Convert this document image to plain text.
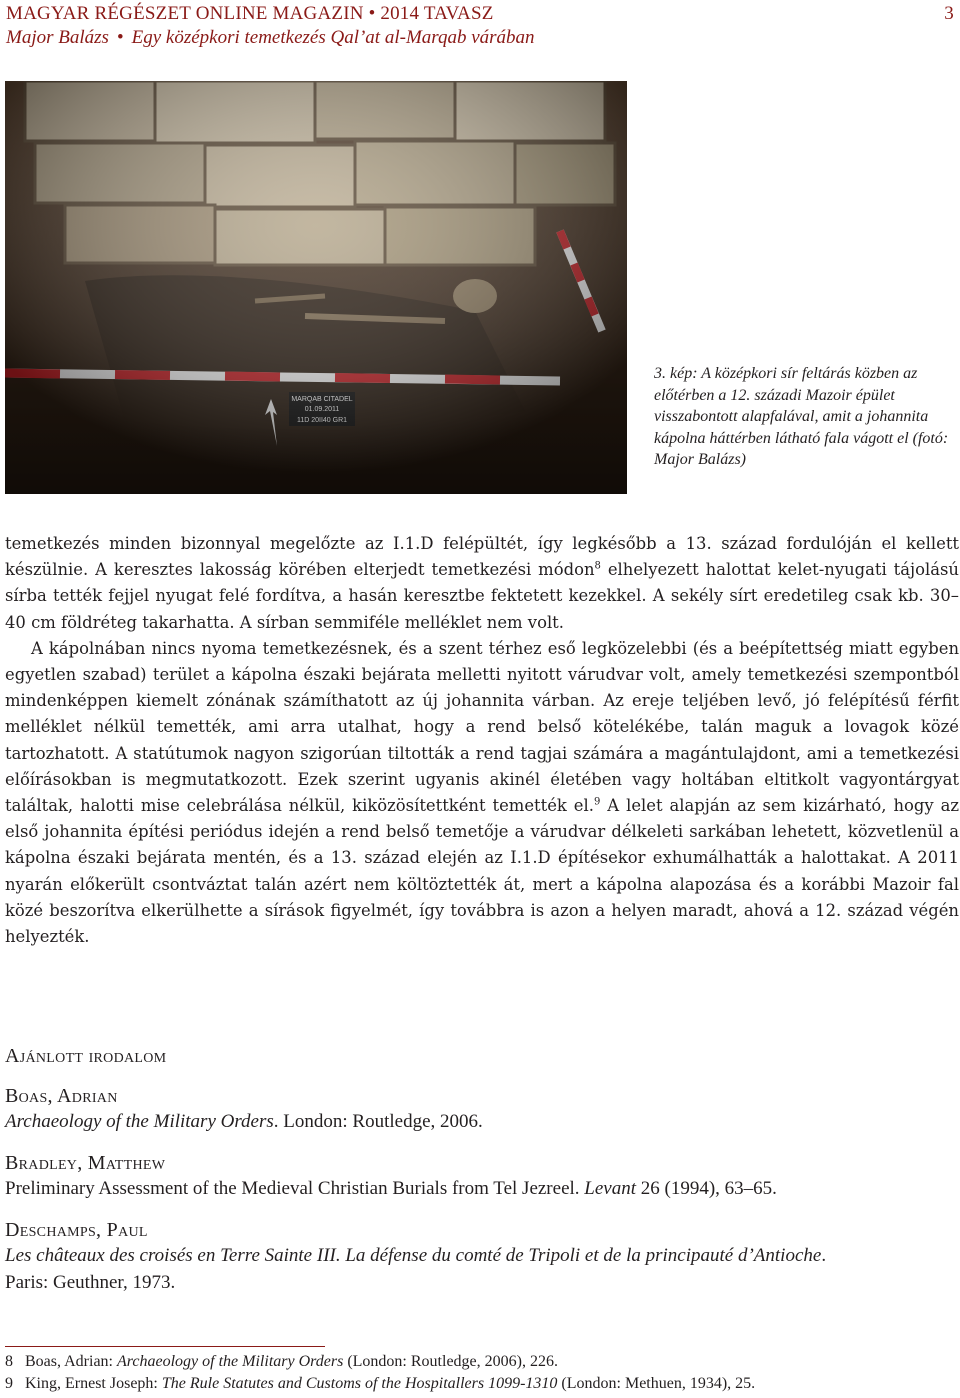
MAGYAR RÉGÉSZET ONLINE MAGAZIN • 2014 TAVASZ	3
Major Balázs • Egy középkori temetkezés Qal’at al-Marqab várában
3. kép: A középkori sír feltárás közben az előtérben a 12. századi Mazoir épület visszabontott alapfalával, amit a johannita kápolna háttérben látható fala vágott el (fotó: Major Balázs)

temetkezés minden bizonnyal megelőzte az I.1.D felépültét, így legkésőbb a 13. század fordulóján el kellett készülnie. A keresztes lakosság körében elterjedt temetkezési módon$^8$ elhelyezett halottat kelet-nyugati tájolású sírba tették fejjel nyugat felé fordítva, a hasán keresztbe fektetett kezekkel. A sekély sírt eredetileg csak kb. 30–40 cm földréteg takarhatta. A sírban semmiféle melléklet nem volt.

A kápolnában nincs nyoma temetkezésnek, és a szent térhez eső legközelebbi (és a beépítettség miatt egyben egyetlen szabad) terület a kápolna északi bejárata melletti nyitott várudvar volt, amely temetkezési szempontból mindenképpen kiemelt zónának számíthatott az új johannita várban. Az ereje teljében levő, jó felépítésű férfit melléklet nélkül temették, ami arra utalhat, hogy a rend belső kötelékébe, talán maguk a lovagok közé tartozhatott. A statútumok nagyon szigorúan tiltották a rend tagjai számára a magántulajdont, ami a temetkezési előírásokban is megmutatkozott. Ezek szerint ugyanis akinél életében vagy holtában eltitkolt vagyontárgyat találtak, halotti mise celebrálása nélkül, kiközösítettként temették el.$^9$ A lelet alapján az sem kizárható, hogy az első johannita építési periódus idején a rend belső temetője a várudvar délkeleti sarkában lehetett, közvetlenül a kápolna északi bejárata mentén, és a 13. század elején az I.1.D építésekor exhumálhatták a halottakat. A 2011 nyarán előkerült csontváztat talán azért nem költöztették át, mert a kápolna alapozása és a korábbi Mazoir fal közé beszorítva elkerülhette a sírások figyelmét, így továbbra is azon a helyen maradt, ahová a 12. század végén helyezték.

Ajánlott irodalom
Boas, Adrian
Archaeology of the Military Orders. London: Routledge, 2006.
Bradley, Matthew
Preliminary Assessment of the Medieval Christian Burials from Tel Jezreel. Levant 26 (1994), 63–65.
Deschamps, Paul
Les châteaux des croisés en Terre Sainte III. La défense du comté de Tripoli et de la principauté d’Antioche.
Paris: Geuthner, 1973.
8 Boas, Adrian: Archaeology of the Military Orders (London: Routledge, 2006), 226.
9 King, Ernest Joseph: The Rule Statutes and Customs of the Hospitallers 1099-1310 (London: Methuen, 1934), 25.
